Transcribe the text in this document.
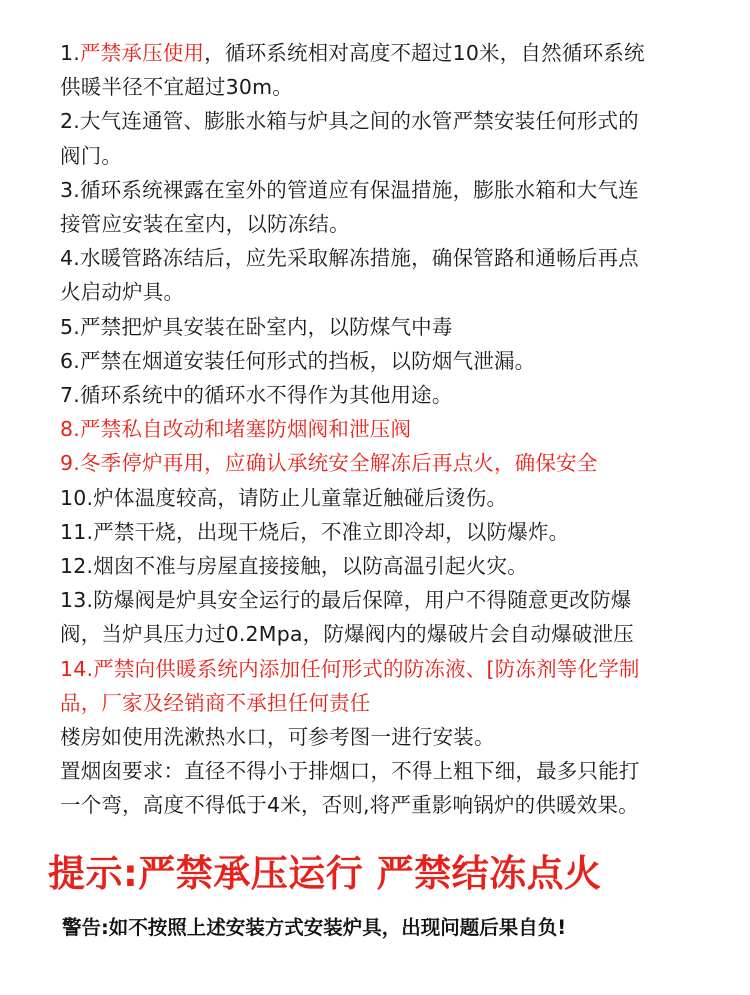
1.严禁承压使用，循环系统相对高度不超过10米，自然循环系统

供暖半径不宜超过30m。

2.大气连通管、膨胀水箱与炉具之间的水管严禁安装任何形式的

阀门。

3.循环系统裸露在室外的管道应有保温措施，膨胀水箱和大气连

接管应安装在室内，以防冻结。

4.水暖管路冻结后，应先采取解冻措施，确保管路和通畅后再点

火启动炉具。

5.严禁把炉具安装在卧室内，以防煤气中毒

6.严禁在烟道安装任何形式的挡板，以防烟气泄漏。

7.循环系统中的循环水不得作为其他用途。

8.严禁私自改动和堵塞防烟阀和泄压阀

9.冬季停炉再用，应确认承统安全解冻后再点火，确保安全

10.炉体温度较高，请防止儿童靠近触碰后烫伤。

11.严禁干烧，出现干烧后，不准立即冷却，以防爆炸。

12.烟囱不准与房屋直接接触，以防高温引起火灾。

13.防爆阀是炉具安全运行的最后保障，用户不得随意更改防爆

阀，当炉具压力过0.2Mpa，防爆阀内的爆破片会自动爆破泄压

14.严禁向供暖系统内添加任何形式的防冻液、[防冻剂等化学制

品，厂家及经销商不承担任何责任

楼房如使用洗漱热水口，可参考图一进行安装。

置烟囱要求：直径不得小于排烟口，不得上粗下细，最多只能打

一个弯，高度不得低于4米，否则,将严重影响锅炉的供暖效果。

提示:严禁承压运行 严禁结冻点火
警告:如不按照上述安装方式安装炉具，出现问题后果自负!
